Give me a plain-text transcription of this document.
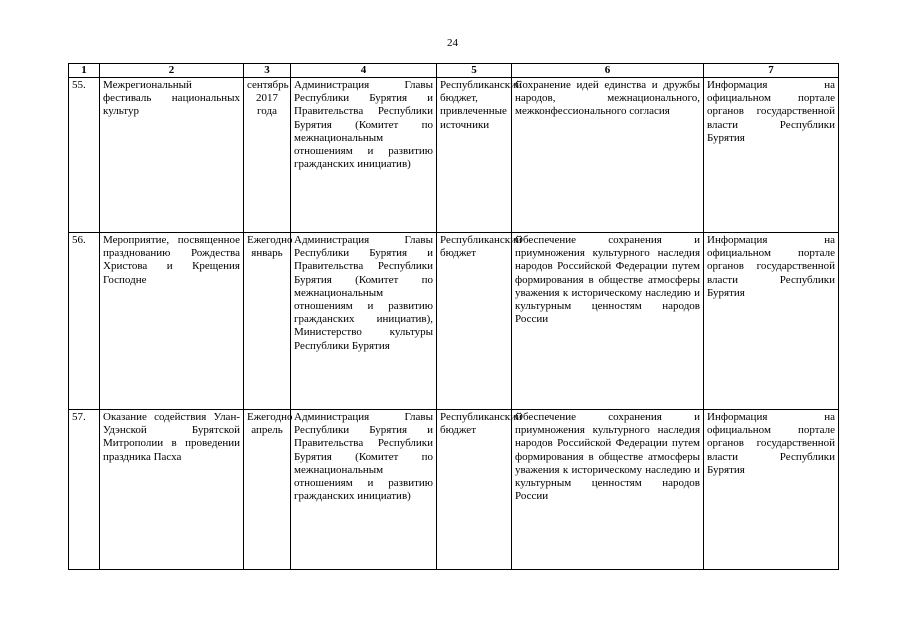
24
1	2	3	4	5	6	7
55.	Межрегиональный фестиваль национальных культур	сентябрь 2017 года	Администрация Главы Республики Бурятия и Правительства Республики Бурятия (Комитет по межнациональным отношениям и развитию гражданских инициатив)	Республиканский бюджет, привлеченные источники	Сохранение идей единства и дружбы народов, межнационального, межконфессионального согласия	Информация на официальном портале органов государственной власти Республики Бурятия
56.	Мероприятие, посвященное празднованию Рождества Христова и Крещения Господне	Ежегодно январь	Администрация Главы Республики Бурятия и Правительства Республики Бурятия (Комитет по межнациональным отношениям и развитию гражданских инициатив), Министерство культуры Республики Бурятия	Республиканский бюджет	Обеспечение сохранения и приумножения культурного наследия народов Российской Федерации путем формирования в обществе атмосферы уважения к историческому наследию и культурным ценностям народов России	Информация на официальном портале органов государственной власти Республики Бурятия
57.	Оказание содействия Улан-Удэнской Бурятской Митрополии в проведении праздника Пасха	Ежегодно апрель	Администрация Главы Республики Бурятия и Правительства Республики Бурятия (Комитет по межнациональным отношениям и развитию гражданских инициатив)	Республиканский бюджет	Обеспечение сохранения и приумножения культурного наследия народов Российской Федерации путем формирования в обществе атмосферы уважения к историческому наследию и культурным ценностям народов России	Информация на официальном портале органов государственной власти Республики Бурятия
